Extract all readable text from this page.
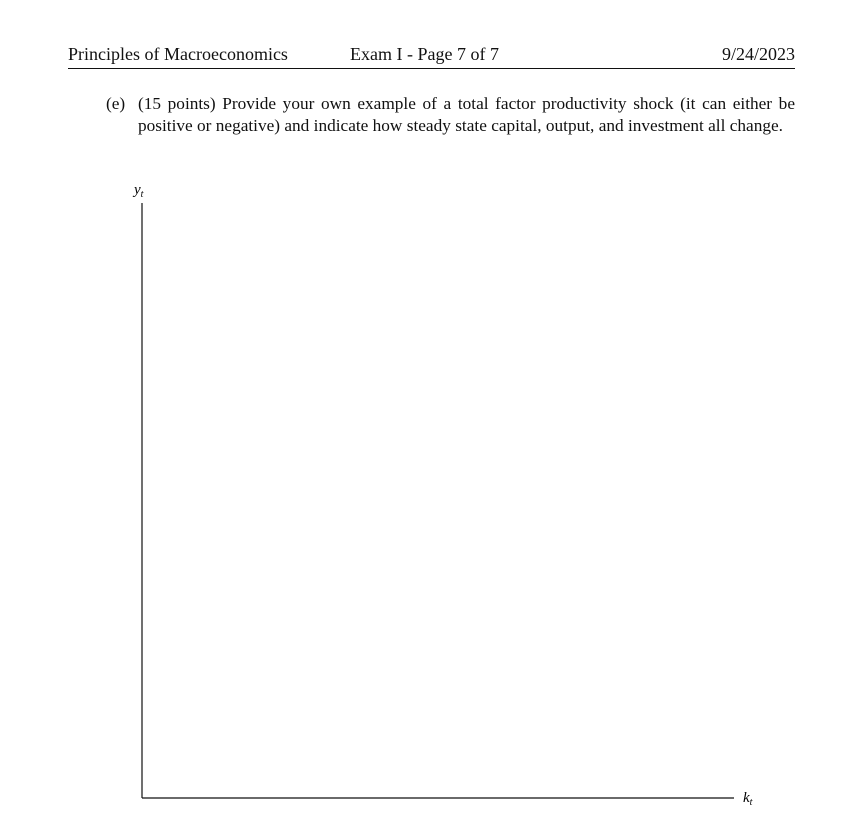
Principles of Macroeconomics	Exam I - Page 7 of 7	9/24/2023
(e) (15 points) Provide your own example of a total factor productivity shock (it can either be positive or negative) and indicate how steady state capital, output, and investment all change.
$y_t$
$k_t$
